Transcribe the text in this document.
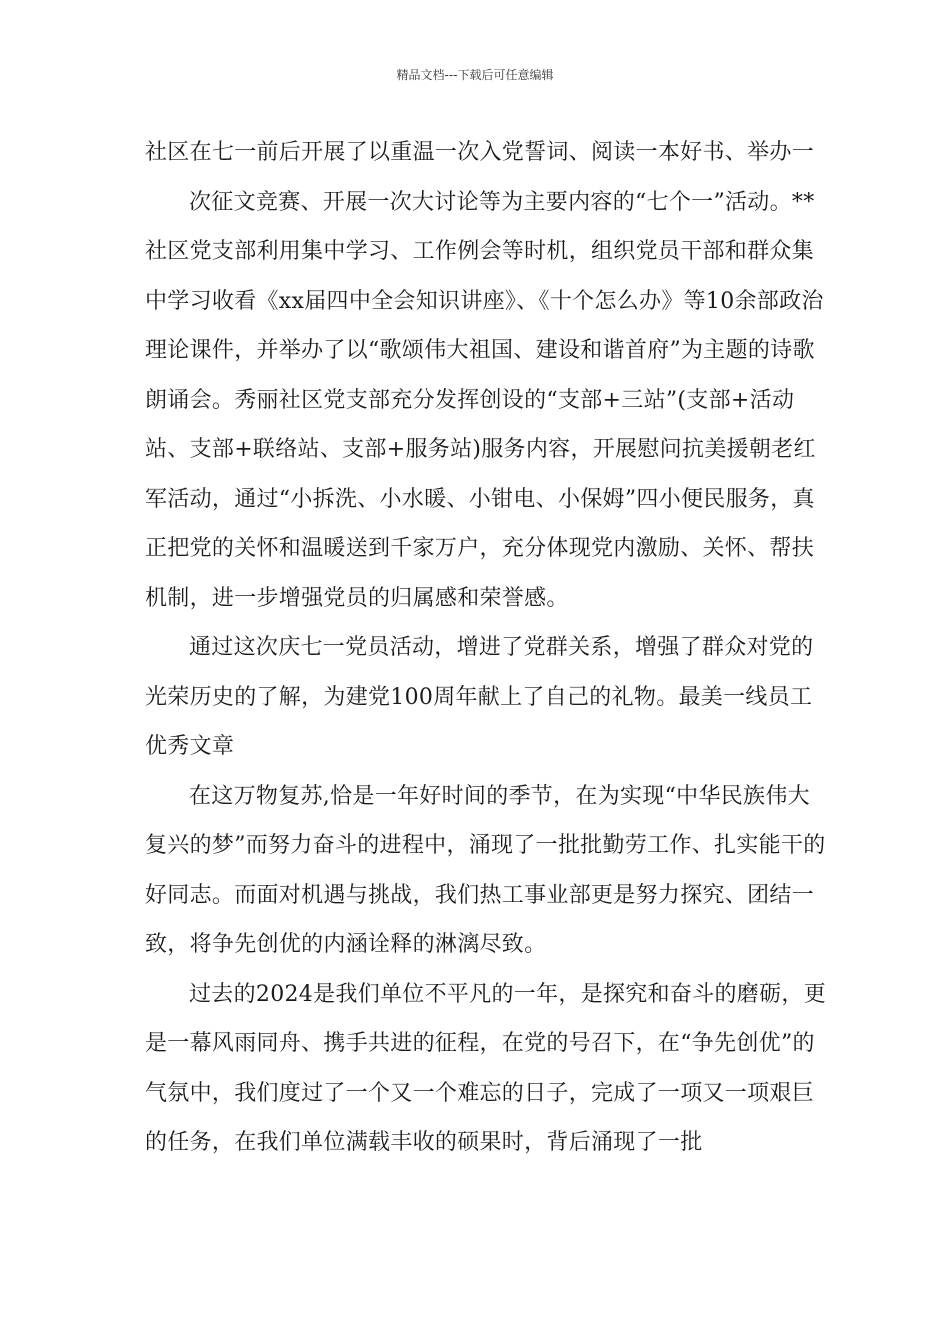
精品文档---下载后可任意编辑

社区在七一前后开展了以重温一次入党誓词、阅读一本好书、举办一

次征文竞赛、开展一次大讨论等为主要内容的“七个一”活动。**社区党支部利用集中学习、工作例会等时机，组织党员干部和群众集中学习收看《xx届四中全会知识讲座》、《十个怎么办》等10余部政治理论课件，并举办了以“歌颂伟大祖国、建设和谐首府”为主题的诗歌朗诵会。秀丽社区党支部充分发挥创设的“支部+三站”(支部+活动站、支部+联络站、支部+服务站)服务内容，开展慰问抗美援朝老红军活动，通过“小拆洗、小水暖、小钳电、小保姆”四小便民服务，真正把党的关怀和温暖送到千家万户，充分体现党内激励、关怀、帮扶机制，进一步增强党员的归属感和荣誉感。

通过这次庆七一党员活动，增进了党群关系，增强了群众对党的光荣历史的了解，为建党100周年献上了自己的礼物。最美一线员工优秀文章

在这万物复苏,恰是一年好时间的季节，在为实现“中华民族伟大复兴的梦”而努力奋斗的进程中，涌现了一批批勤劳工作、扎实能干的好同志。而面对机遇与挑战，我们热工事业部更是努力探究、团结一致，将争先创优的内涵诠释的淋漓尽致。

过去的2024是我们单位不平凡的一年，是探究和奋斗的磨砺，更是一幕风雨同舟、携手共进的征程，在党的号召下，在“争先创优”的气氛中，我们度过了一个又一个难忘的日子，完成了一项又一项艰巨的任务，在我们单位满载丰收的硕果时，背后涌现了一批
